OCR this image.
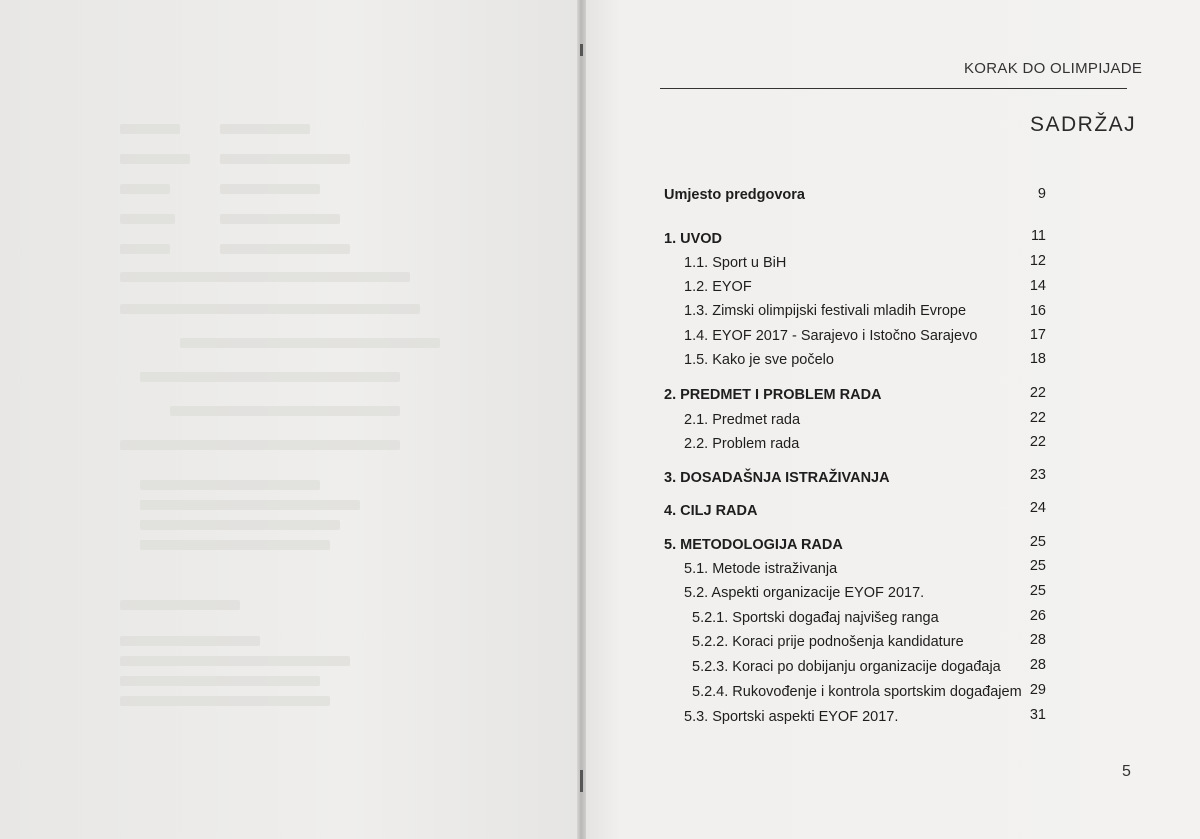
KORAK DO OLIMPIJADE
SADRŽAJ
Umjesto predgovora	9
1. UVOD	11
1.1. Sport u BiH	12
1.2. EYOF	14
1.3. Zimski olimpijski festivali mladih Evrope	16
1.4. EYOF 2017 - Sarajevo i Istočno Sarajevo	17
1.5. Kako je sve počelo	18
2. PREDMET I PROBLEM RADA	22
2.1. Predmet rada	22
2.2. Problem rada	22
3. DOSADAŠNJA ISTRAŽIVANJA	23
4. CILJ RADA	24
5. METODOLOGIJA RADA	25
5.1. Metode istraživanja	25
5.2. Aspekti organizacije EYOF 2017.	25
5.2.1. Sportski događaj najvišeg ranga	26
5.2.2. Koraci prije podnošenja kandidature	28
5.2.3. Koraci po dobijanju organizacije događaja	28
5.2.4. Rukovođenje i kontrola sportskim događajem 29
5.3. Sportski aspekti EYOF 2017.	31
5
